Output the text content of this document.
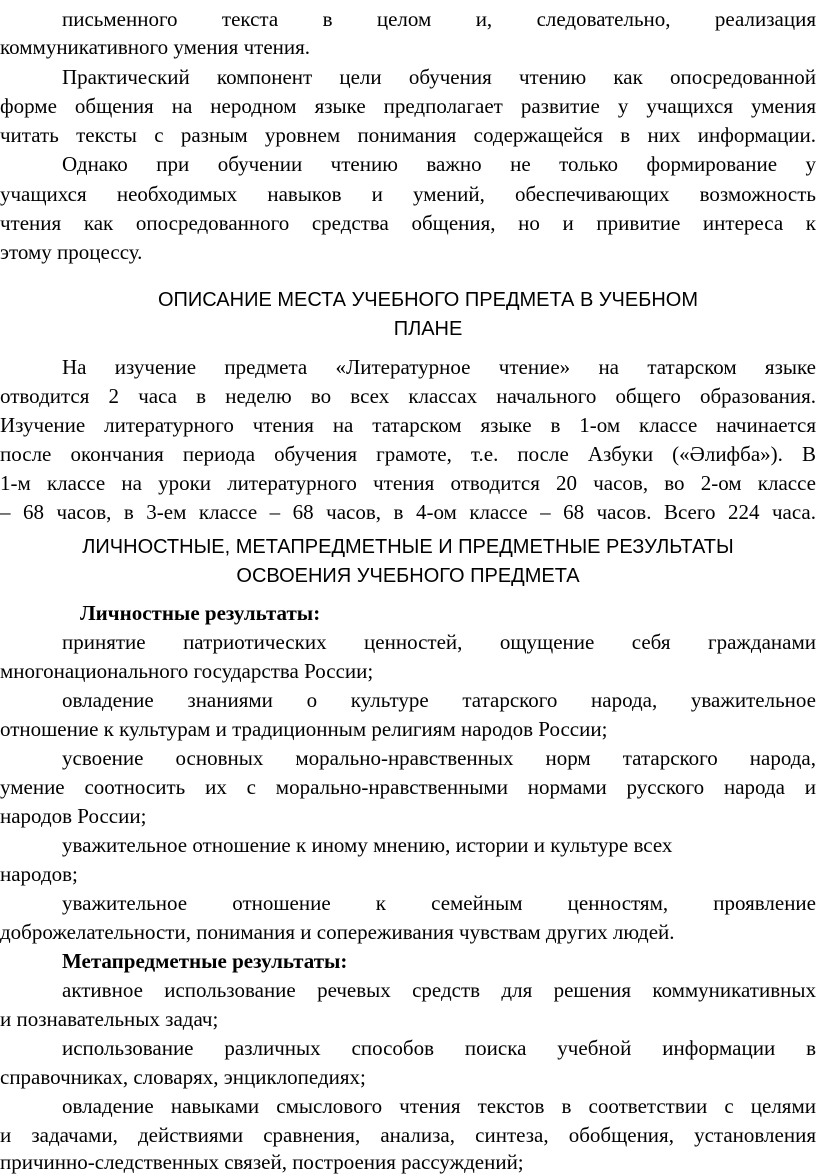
письменного текста в целом и, следовательно, реализация
коммуникативного умения чтения.
Практический компонент цели обучения чтению как опосредованной
форме общения на неродном языке предполагает развитие у учащихся умения
читать тексты с разным уровнем понимания содержащейся в них информации.
Однако при обучении чтению важно не только формирование у
учащихся необходимых навыков и умений, обеспечивающих возможность
чтения как опосредованного средства общения, но и привитие интереса к
этому процессу.
ОПИСАНИЕ МЕСТА УЧЕБНОГО ПРЕДМЕТА В УЧЕБНОМ
ПЛАНЕ
На изучение предмета «Литературное чтение» на татарском языке
отводится 2 часа в неделю во всех классах начального общего образования.
Изучение литературного чтения на татарском языке в 1-ом классе начинается
после окончания периода обучения грамоте, т.е. после Азбуки («Әлифба»). В
1-м классе на уроки литературного чтения отводится 20 часов, во 2-ом классе
– 68 часов, в 3-ем классе – 68 часов, в 4-ом классе – 68 часов. Всего 224 часа.
ЛИЧНОСТНЫЕ, МЕТАПРЕДМЕТНЫЕ И ПРЕДМЕТНЫЕ РЕЗУЛЬТАТЫ
ОСВОЕНИЯ УЧЕБНОГО ПРЕДМЕТА
Личностные результаты:
принятие патриотических ценностей, ощущение себя гражданами
многонационального государства России;
овладение знаниями о культуре татарского народа, уважительное
отношение к культурам и традиционным религиям народов России;
усвоение основных морально-нравственных норм татарского народа,
умение соотносить их с морально-нравственными нормами русского народа и
народов России;
уважительное отношение к иному мнению, истории и культуре всех
народов;
уважительное отношение к семейным ценностям, проявление
доброжелательности, понимания и сопереживания чувствам других людей.
Метапредметные результаты:
активное использование речевых средств для решения коммуникативных
и познавательных задач;
использование различных способов поиска учебной информации в
справочниках, словарях, энциклопедиях;
овладение навыками смыслового чтения текстов в соответствии с целями
и задачами, действиями сравнения, анализа, синтеза, обобщения, установления
причинно-следственных связей, построения рассуждений;
